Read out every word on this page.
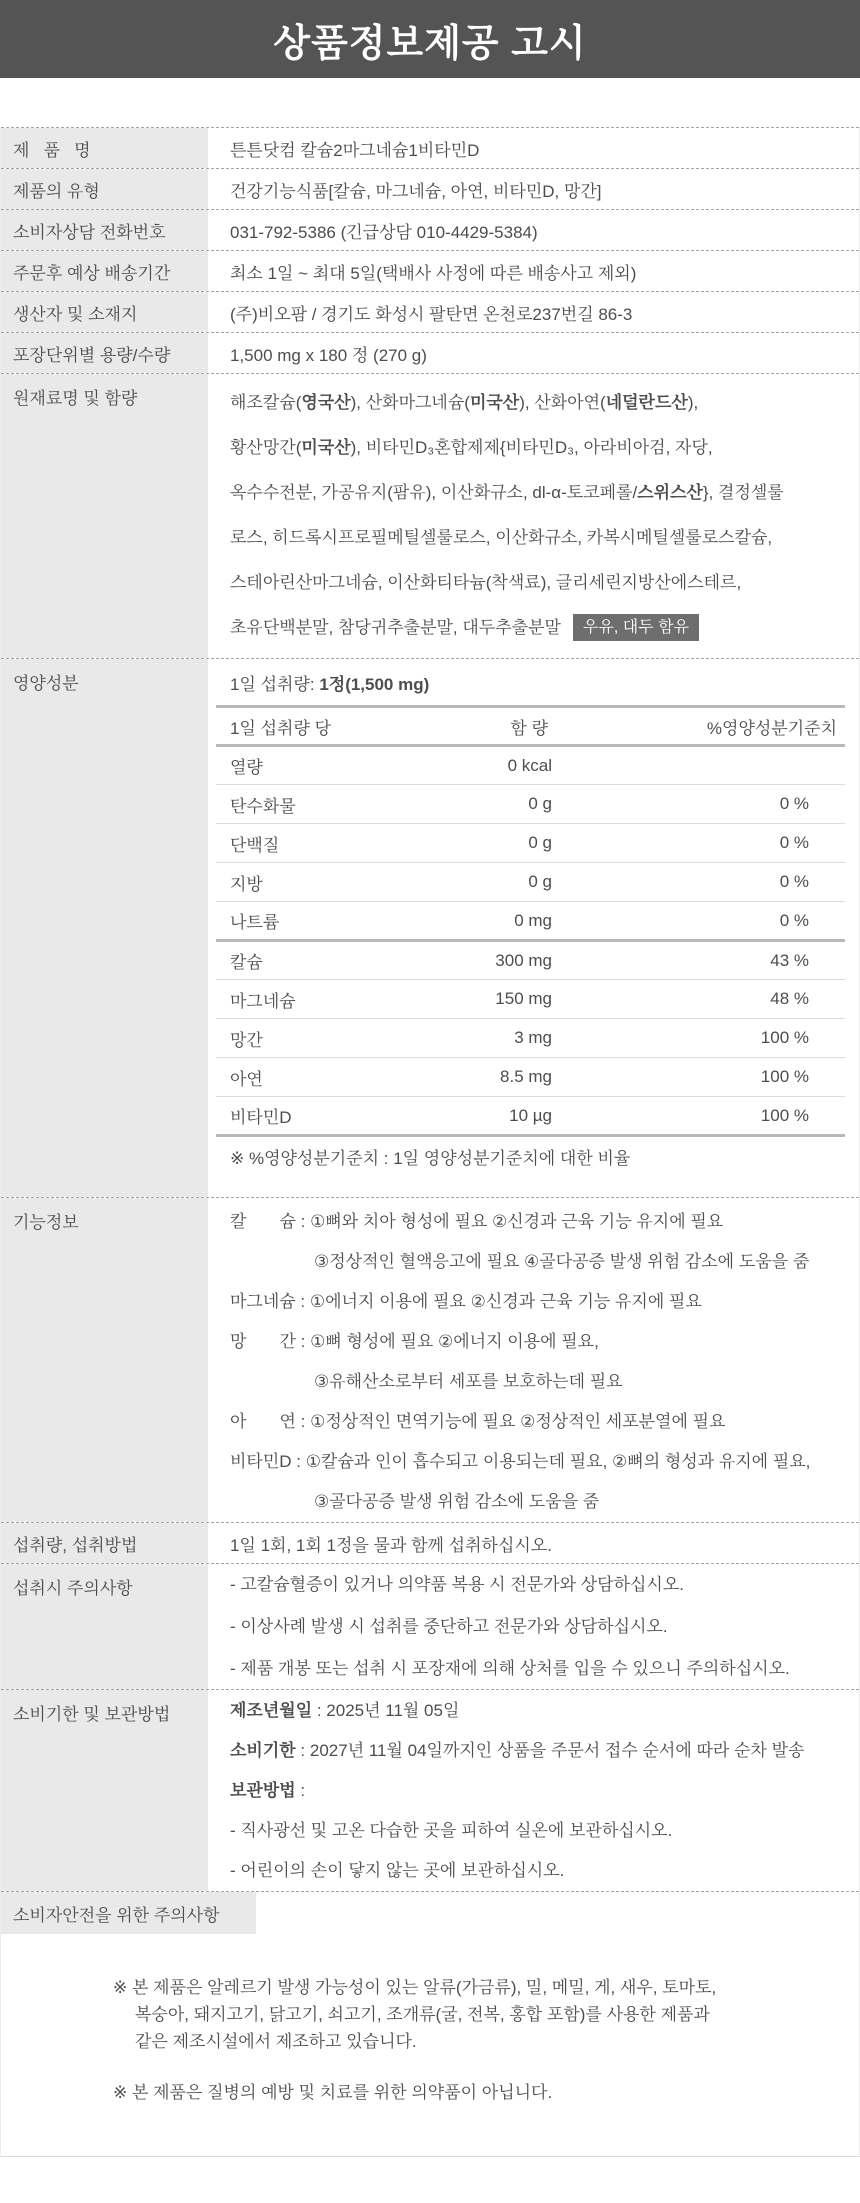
상품정보제공 고시
제   품   명	튼튼닷컴 칼슘2마그네슘1비타민D
제품의 유형	건강기능식품[칼슘, 마그네슘, 아연, 비타민D, 망간]
소비자상담 전화번호	031-792-5386 (긴급상담 010-4429-5384)
주문후 예상 배송기간	최소 1일 ~ 최대 5일(택배사 사정에 따른 배송사고 제외)
생산자 및 소재지	(주)비오팜 / 경기도 화성시 팔탄면 온천로237번길 86-3
포장단위별 용량/수량	1,500 mg x 180 정 (270 g)
원재료명 및 함량	해조칼슘(영국산), 산화마그네슘(미국산), 산화아연(네덜란드산),
황산망간(미국산), 비타민D₃혼합제제{비타민D₃, 아라비아검, 자당,
옥수수전분, 가공유지(팜유), 이산화규소, dl-α-토코페롤/스위스산}, 결정셀룰
로스, 히드록시프로필메틸셀룰로스, 이산화규소, 카복시메틸셀룰로스칼슘,
스테아린산마그네슘, 이산화티타늄(착색료), 글리세린지방산에스테르,
초유단백분말, 참당귀추출분말, 대두추출분말 우유, 대두 함유
영양성분	1일 섭취량: 1정(1,500 mg)
1일 섭취량 당	함 량	%영양성분기준치
열량	0 kcal	
탄수화물	0 g	0 %
단백질	0 g	0 %
지방	0 g	0 %
나트륨	0 mg	0 %
칼슘	300 mg	43 %
마그네슘	150 mg	48 %
망간	3 mg	100 %
아연	8.5 mg	100 %
비타민D	10 µg	100 %
※ %영양성분기준치 : 1일 영양성분기준치에 대한 비율
기능정보	칼       슘 : ①뼈와 치아 형성에 필요 ②신경과 근육 기능 유지에 필요
③정상적인 혈액응고에 필요 ④골다공증 발생 위험 감소에 도움을 줌
마그네슘 : ①에너지 이용에 필요 ②신경과 근육 기능 유지에 필요
망       간 : ①뼈 형성에 필요 ②에너지 이용에 필요,
③유해산소로부터 세포를 보호하는데 필요
아       연 : ①정상적인 면역기능에 필요 ②정상적인 세포분열에 필요
비타민D : ①칼슘과 인이 흡수되고 이용되는데 필요, ②뼈의 형성과 유지에 필요,
③골다공증 발생 위험 감소에 도움을 줌
섭취량, 섭취방법	1일 1회, 1회 1정을 물과 함께 섭취하십시오.
섭취시 주의사항	- 고칼슘혈증이 있거나 의약품 복용 시 전문가와 상담하십시오.
- 이상사례 발생 시 섭취를 중단하고 전문가와 상담하십시오.
- 제품 개봉 또는 섭취 시 포장재에 의해 상처를 입을 수 있으니 주의하십시오.
소비기한 및 보관방법	제조년월일 : 2025년 11월 05일
소비기한 : 2027년 11월 04일까지인 상품을 주문서 접수 순서에 따라 순차 발송
보관방법 :
- 직사광선 및 고온 다습한 곳을 피하여 실온에 보관하십시오.
- 어린이의 손이 닿지 않는 곳에 보관하십시오.
소비자안전을 위한 주의사항
※ 본 제품은 알레르기 발생 가능성이 있는 알류(가금류), 밀, 메밀, 게, 새우, 토마토,
복숭아, 돼지고기, 닭고기, 쇠고기, 조개류(굴, 전복, 홍합 포함)를 사용한 제품과
같은 제조시설에서 제조하고 있습니다.
※ 본 제품은 질병의 예방 및 치료를 위한 의약품이 아닙니다.
